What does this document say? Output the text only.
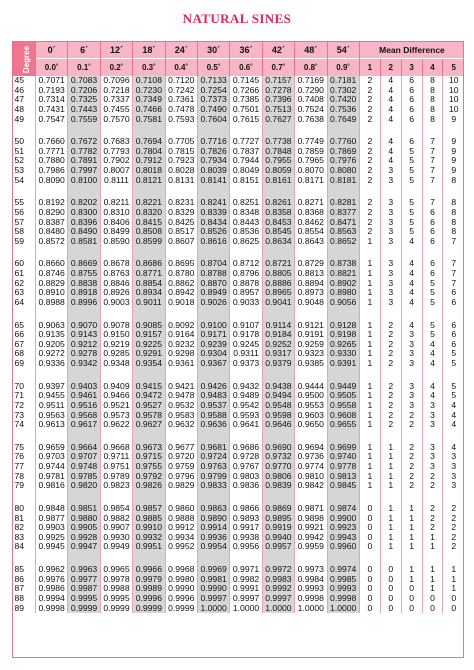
NATURAL SINES
Degree	0´	6´	12´	18´	24´	30´	36´	42´	48´	54´	Mean Difference				
	0.0˚	0.1˚	0.2˚	0.3˚	0.4˚	0.5˚	0.6˚	0.7˚	0.8˚	0.9˚	1	2	3	4	5
45	0.7071	0.7083	0.7096	0.7108	0.7120	0.7133	0.7145	0.7157	0.7169	0.7181	2	4	6	8	10
46	0.7193	0.7206	0.7218	0.7230	0.7242	0.7254	0.7266	0.7278	0.7290	0.7302	2	4	6	8	10
47	0.7314	0.7325	0.7337	0.7349	0.7361	0.7373	0.7385	0.7396	0.7408	0.7420	2	4	6	8	10
48	0.7431	0.7443	0.7455	0.7466	0.7478	0.7490	0.7501	0.7513	0.7524	0.7536	2	4	6	8	10
49	0.7547	0.7559	0.7570	0.7581	0.7593	0.7604	0.7615	0.7627	0.7638	0.7649	2	4	6	8	9

50	0.7660	0.7672	0.7683	0.7694	0.7705	0.7716	0.7727	0.7738	0.7749	0.7760	2	4	6	7	9
51	0.7771	0.7782	0.7793	0.7804	0.7815	0.7826	0.7837	0.7848	0.7859	0.7869	2	4	5	7	9
52	0.7880	0.7891	0.7902	0.7912	0.7923	0.7934	0.7944	0.7955	0.7965	0.7976	2	4	5	7	9
53	0.7986	0.7997	0.8007	0.8018	0.8028	0.8039	0.8049	0.8059	0.8070	0.8080	2	3	5	7	9
54	0.8090	0.8100	0.8111	0.8121	0.8131	0.8141	0.8151	0.8161	0.8171	0.8181	2	3	5	7	8

55	0.8192	0.8202	0.8211	0.8221	0.8231	0.8241	0.8251	0.8261	0.8271	0.8281	2	3	5	7	8
56	0.8290	0.8300	0.8310	0.8320	0.8329	0.8339	0.8348	0.8358	0.8368	0.8377	2	3	5	6	8
57	0.8387	0.8396	0.8406	0.8415	0.8425	0.8434	0.8443	0.8453	0.8462	0.8471	2	3	5	6	8
58	0.8480	0.8490	0.8499	0.8508	0.8517	0.8526	0.8536	0.8545	0.8554	0.8563	2	3	5	6	8
59	0.8572	0.8581	0.8590	0.8599	0.8607	0.8616	0.8625	0.8634	0.8643	0.8652	1	3	4	6	7

60	0.8660	0.8669	0.8678	0.8686	0.8695	0.8704	0.8712	0.8721	0.8729	0.8738	1	3	4	6	7
61	0.8746	0.8755	0.8763	0.8771	0.8780	0.8788	0.8796	0.8805	0.8813	0.8821	1	3	4	6	7
62	0.8829	0.8838	0.8846	0.8854	0.8862	0.8870	0.8878	0.8886	0.8894	0.8902	1	3	4	5	7
63	0.8910	0.8918	0.8926	0.8934	0.8942	0.8949	0.8957	0.8965	0.8973	0.8980	1	3	4	5	6
64	0.8988	0.8996	0.9003	0.9011	0.9018	0.9026	0.9033	0.9041	0.9048	0.9056	1	3	4	5	6

65	0.9063	0.9070	0.9078	0.9085	0.9092	0.9100	0.9107	0.9114	0.9121	0.9128	1	2	4	5	6
66	0.9135	0.9143	0.9150	0.9157	0.9164	0.9171	0.9178	0.9184	0.9191	0.9198	1	2	3	5	6
67	0.9205	0.9212	0.9219	0.9225	0.9232	0.9239	0.9245	0.9252	0.9259	0.9265	1	2	3	4	6
68	0.9272	0.9278	0.9285	0.9291	0.9298	0.9304	0.9311	0.9317	0.9323	0.9330	1	2	3	4	5
69	0.9336	0.9342	0.9348	0.9354	0.9361	0.9367	0.9373	0.9379	0.9385	0.9391	1	2	3	4	5

70	0.9397	0.9403	0.9409	0.9415	0.9421	0.9426	0.9432	0.9438	0.9444	0.9449	1	2	3	4	5
71	0.9455	0.9461	0.9466	0.9472	0.9478	0.9483	0.9489	0.9494	0.9500	0.9505	1	2	3	4	5
72	0.9511	0.9516	0.9521	0.9527	0.9532	0.9537	0.9542	0.9548	0.9553	0.9558	1	2	3	3	4
73	0.9563	0.9568	0.9573	0.9578	0.9583	0.9588	0.9593	0.9598	0.9603	0.9608	1	2	2	3	4
74	0.9613	0.9617	0.9622	0.9627	0.9632	0.9636	0.9641	0.9646	0.9650	0.9655	1	2	2	3	4

75	0.9659	0.9664	0.9668	0.9673	0.9677	0.9681	0.9686	0.9690	0.9694	0.9699	1	1	2	3	4
76	0.9703	0.9707	0.9711	0.9715	0.9720	0.9724	0.9728	0.9732	0.9736	0.9740	1	1	2	3	3
77	0.9744	0.9748	0.9751	0.9755	0.9759	0.9763	0.9767	0.9770	0.9774	0.9778	1	1	2	3	3
78	0.9781	0.9785	0.9789	0.9792	0.9796	0.9799	0.9803	0.9806	0.9810	0.9813	1	1	2	2	3
79	0.9816	0.9820	0.9823	0.9826	0.9829	0.9833	0.9836	0.9839	0.9842	0.9845	1	1	2	2	3

80	0.9848	0.9851	0.9854	0.9857	0.9860	0.9863	0.9866	0.9869	0.9871	0.9874	0	1	1	2	2
81	0.9877	0.9880	0.9882	0.9885	0.9888	0.9890	0.9893	0.9895	0.9898	0.9900	0	1	1	2	2
82	0.9903	0.9905	0.9907	0.9910	0.9912	0.9914	0.9917	0.9919	0.9921	0.9923	0	1	1	2	2
83	0.9925	0.9928	0.9930	0.9932	0.9934	0.9936	0.9938	0.9940	0.9942	0.9943	0	1	1	1	2
84	0.9945	0.9947	0.9949	0.9951	0.9952	0.9954	0.9956	0.9957	0.9959	0.9960	0	1	1	1	2

85	0.9962	0.9963	0.9965	0.9966	0.9968	0.9969	0.9971	0.9972	0.9973	0.9974	0	0	1	1	1
86	0.9976	0.9977	0.9978	0.9979	0.9980	0.9981	0.9982	0.9983	0.9984	0.9985	0	0	1	1	1
87	0.9986	0.9987	0.9988	0.9989	0.9990	0.9990	0.9991	0.9992	0.9993	0.9993	0	0	0	1	1
88	0.9994	0.9995	0.9995	0.9996	0.9996	0.9997	0.9997	0.9997	0.9998	0.9998	0	0	0	0	0
89	0.9998	0.9999	0.9999	0.9999	0.9999	1.0000	1.0000	1.0000	1.0000	1.0000	0	0	0	0	0
